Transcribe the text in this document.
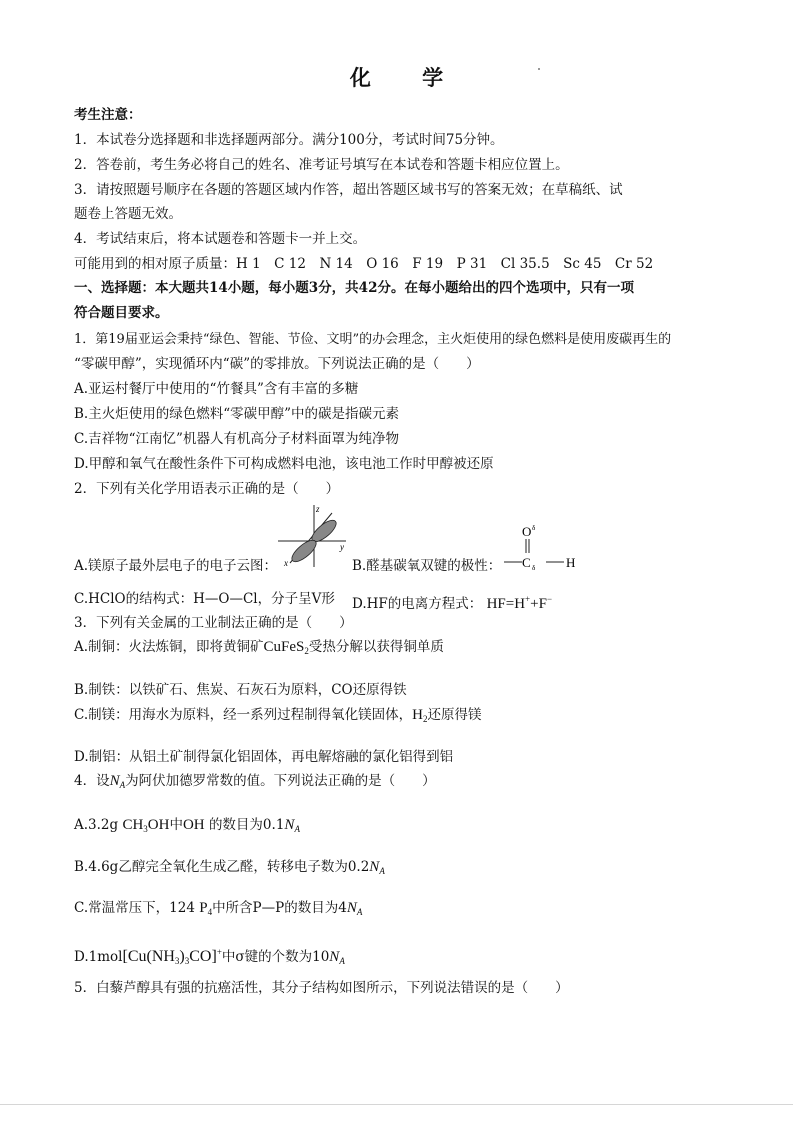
化 学
考生注意：
1．本试卷分选择题和非选择题两部分。满分100分，考试时间75分钟。
2．答卷前，考生务必将自己的姓名、准考证号填写在本试卷和答题卡相应位置上。
3．请按照题号顺序在各题的答题区域内作答，超出答题区域书写的答案无效；在草稿纸、试
题卷上答题无效。
4．考试结束后，将本试题卷和答题卡一并上交。
可能用到的相对原子质量：H 1　C 12　N 14　O 16　F 19　P 31　Cl 35.5　Sc 45　Cr 52
一、选择题：本大题共14小题，每小题3分，共42分。在每小题给出的四个选项中，只有一项
符合题目要求。
1．第19届亚运会秉持“绿色、智能、节俭、文明”的办会理念，主火炬使用的绿色燃料是使用废碳再生的
“零碳甲醇”，实现循环内“碳”的零排放。下列说法正确的是（　　）
A.亚运村餐厅中使用的“竹餐具”含有丰富的多糖
B.主火炬使用的绿色燃料“零碳甲醇”中的碳是指碳元素
C.吉祥物“江南忆”机器人有机高分子材料面罩为纯净物
D.甲醇和氧气在酸性条件下可构成燃料电池，该电池工作时甲醇被还原
2．下列有关化学用语表示正确的是（　　）
A.镁原子最外层电子的电子云图：
z
y
x	B.醛基碳氧双键的极性：
O δ
C δ H
C.HClO的结构式：H—O—Cl，分子呈V形 D.HF的电离方程式： HF=H++F−
3．下列有关金属的工业制法正确的是（　　）
A.制铜：火法炼铜，即将黄铜矿CuFeS$_2$受热分解以获得铜单质
B.制铁：以铁矿石、焦炭、石灰石为原料，CO还原得铁
C.制镁：用海水为原料，经一系列过程制得氧化镁固体，$H_2$还原得镁
D.制铝：从铝土矿制得氯化铝固体，再电解熔融的氯化铝得到铝
4．设$N_A$为阿伏加德罗常数的值。下列说法正确的是（　　）
A.3.2g $CH_3OH$中OH 的数目为$0.1N_A$
B.4.6g乙醇完全氧化生成乙醛，转移电子数为$0.2N_A$
C.常温常压下，124 $P_4$中所含P—P的数目为$4N_A$
$D.1mol[Cu(NH_3)_3CO]^+$中σ键的个数为$10N_A$
5．白藜芦醇具有强的抗癌活性，其分子结构如图所示，下列说法错误的是（　　）
